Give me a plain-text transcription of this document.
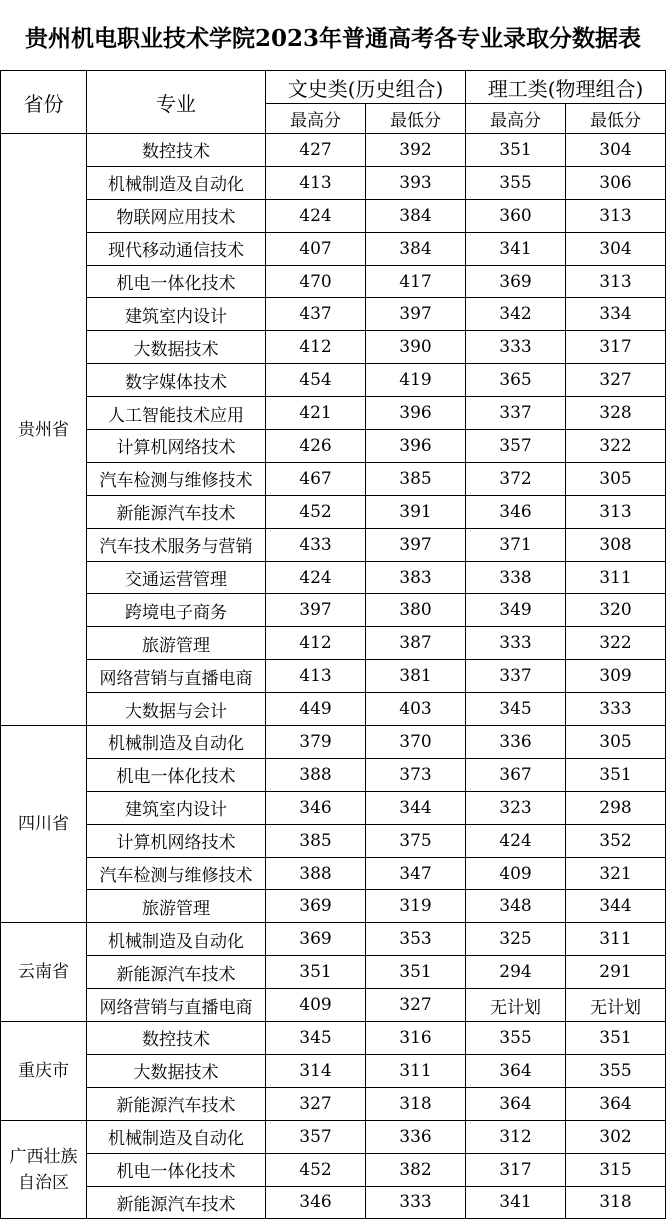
贵州机电职业技术学院2023年普通高考各专业录取分数据表
省份	专业	文史类(历史组合)		理工类(物理组合)	
		最高分	最低分	最高分	最低分
贵州省	数控技术	427	392	351	304
	机械制造及自动化	413	393	355	306
	物联网应用技术	424	384	360	313
	现代移动通信技术	407	384	341	304
	机电一体化技术	470	417	369	313
	建筑室内设计	437	397	342	334
	大数据技术	412	390	333	317
	数字媒体技术	454	419	365	327
	人工智能技术应用	421	396	337	328
	计算机网络技术	426	396	357	322
	汽车检测与维修技术	467	385	372	305
	新能源汽车技术	452	391	346	313
	汽车技术服务与营销	433	397	371	308
	交通运营管理	424	383	338	311
	跨境电子商务	397	380	349	320
	旅游管理	412	387	333	322
	网络营销与直播电商	413	381	337	309
	大数据与会计	449	403	345	333
四川省	机械制造及自动化	379	370	336	305
	机电一体化技术	388	373	367	351
	建筑室内设计	346	344	323	298
	计算机网络技术	385	375	424	352
	汽车检测与维修技术	388	347	409	321
	旅游管理	369	319	348	344
云南省	机械制造及自动化	369	353	325	311
	新能源汽车技术	351	351	294	291
	网络营销与直播电商	409	327	无计划	无计划
重庆市	数控技术	345	316	355	351
	大数据技术	314	311	364	355
	新能源汽车技术	327	318	364	364

广西壮族
自治区	机械制造及自动化	357	336	312	302
	机电一体化技术	452	382	317	315
	新能源汽车技术	346	333	341	318
